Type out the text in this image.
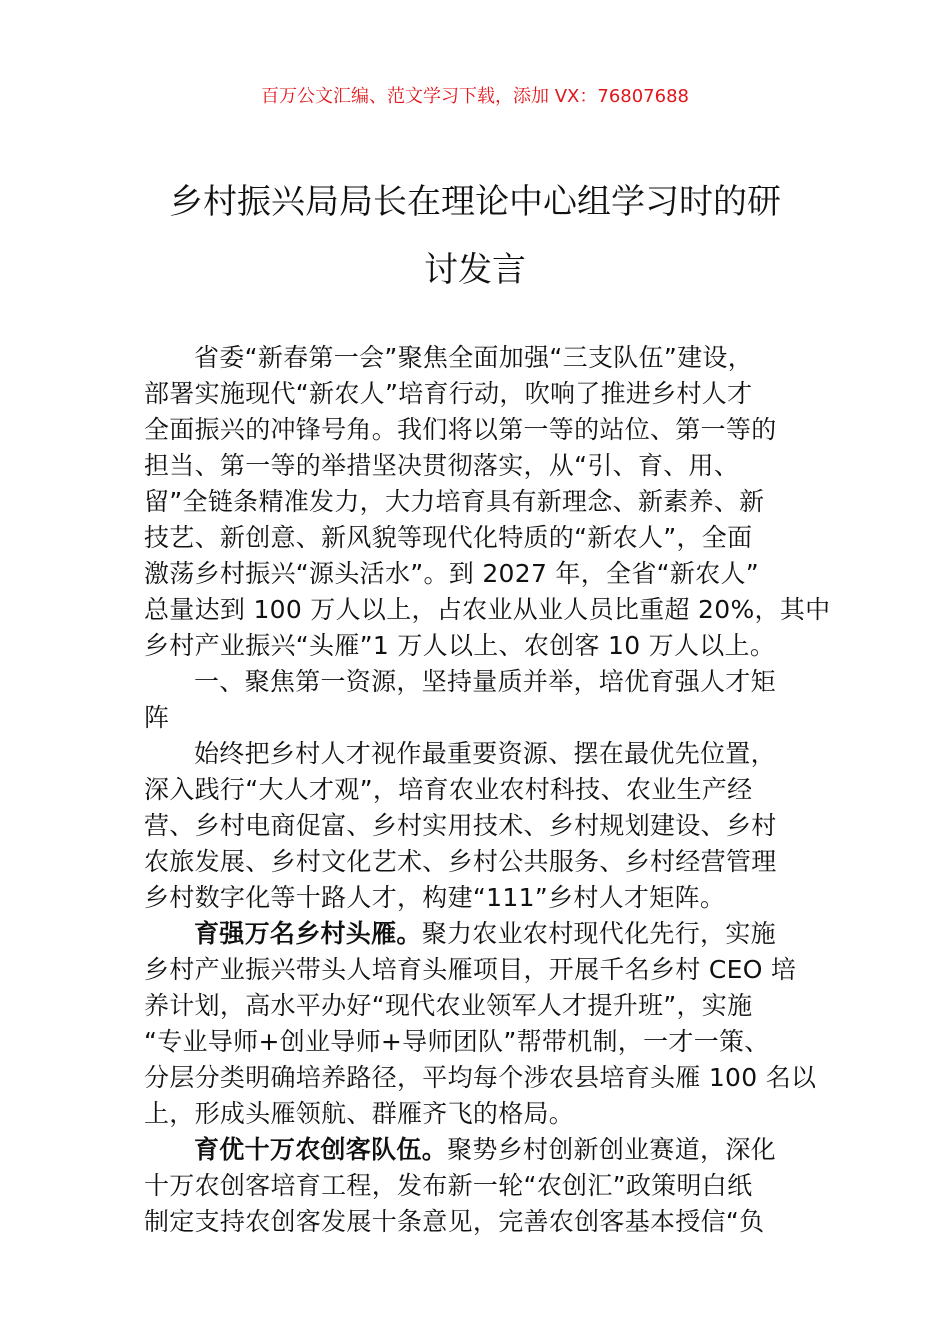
百万公文汇编、范文学习下载，添加 VX：76807688
乡村振兴局局长在理论中心组学习时的研
讨发言
省委“新春第一会”聚焦全面加强“三支队伍”建设，
部署实施现代“新农人”培育行动，吹响了推进乡村人才
全面振兴的冲锋号角。我们将以第一等的站位、第一等的
担当、第一等的举措坚决贯彻落实，从“引、育、用、
留”全链条精准发力，大力培育具有新理念、新素养、新
技艺、新创意、新风貌等现代化特质的“新农人”，全面
激荡乡村振兴“源头活水”。到 2027 年，全省“新农人”
总量达到 100 万人以上，占农业从业人员比重超 20%，其中
乡村产业振兴“头雁”1 万人以上、农创客 10 万人以上。
一、聚焦第一资源，坚持量质并举，培优育强人才矩
阵
始终把乡村人才视作最重要资源、摆在最优先位置，
深入践行“大人才观”，培育农业农村科技、农业生产经
营、乡村电商促富、乡村实用技术、乡村规划建设、乡村
农旅发展、乡村文化艺术、乡村公共服务、乡村经营管理
乡村数字化等十路人才，构建“111”乡村人才矩阵。
育强万名乡村头雁。聚力农业农村现代化先行，实施
乡村产业振兴带头人培育头雁项目，开展千名乡村 CEO 培
养计划，高水平办好“现代农业领军人才提升班”，实施
“专业导师+创业导师+导师团队”帮带机制，一才一策、
分层分类明确培养路径，平均每个涉农县培育头雁 100 名以
上，形成头雁领航、群雁齐飞的格局。
育优十万农创客队伍。聚势乡村创新创业赛道，深化
十万农创客培育工程，发布新一轮“农创汇”政策明白纸
制定支持农创客发展十条意见，完善农创客基本授信“负
